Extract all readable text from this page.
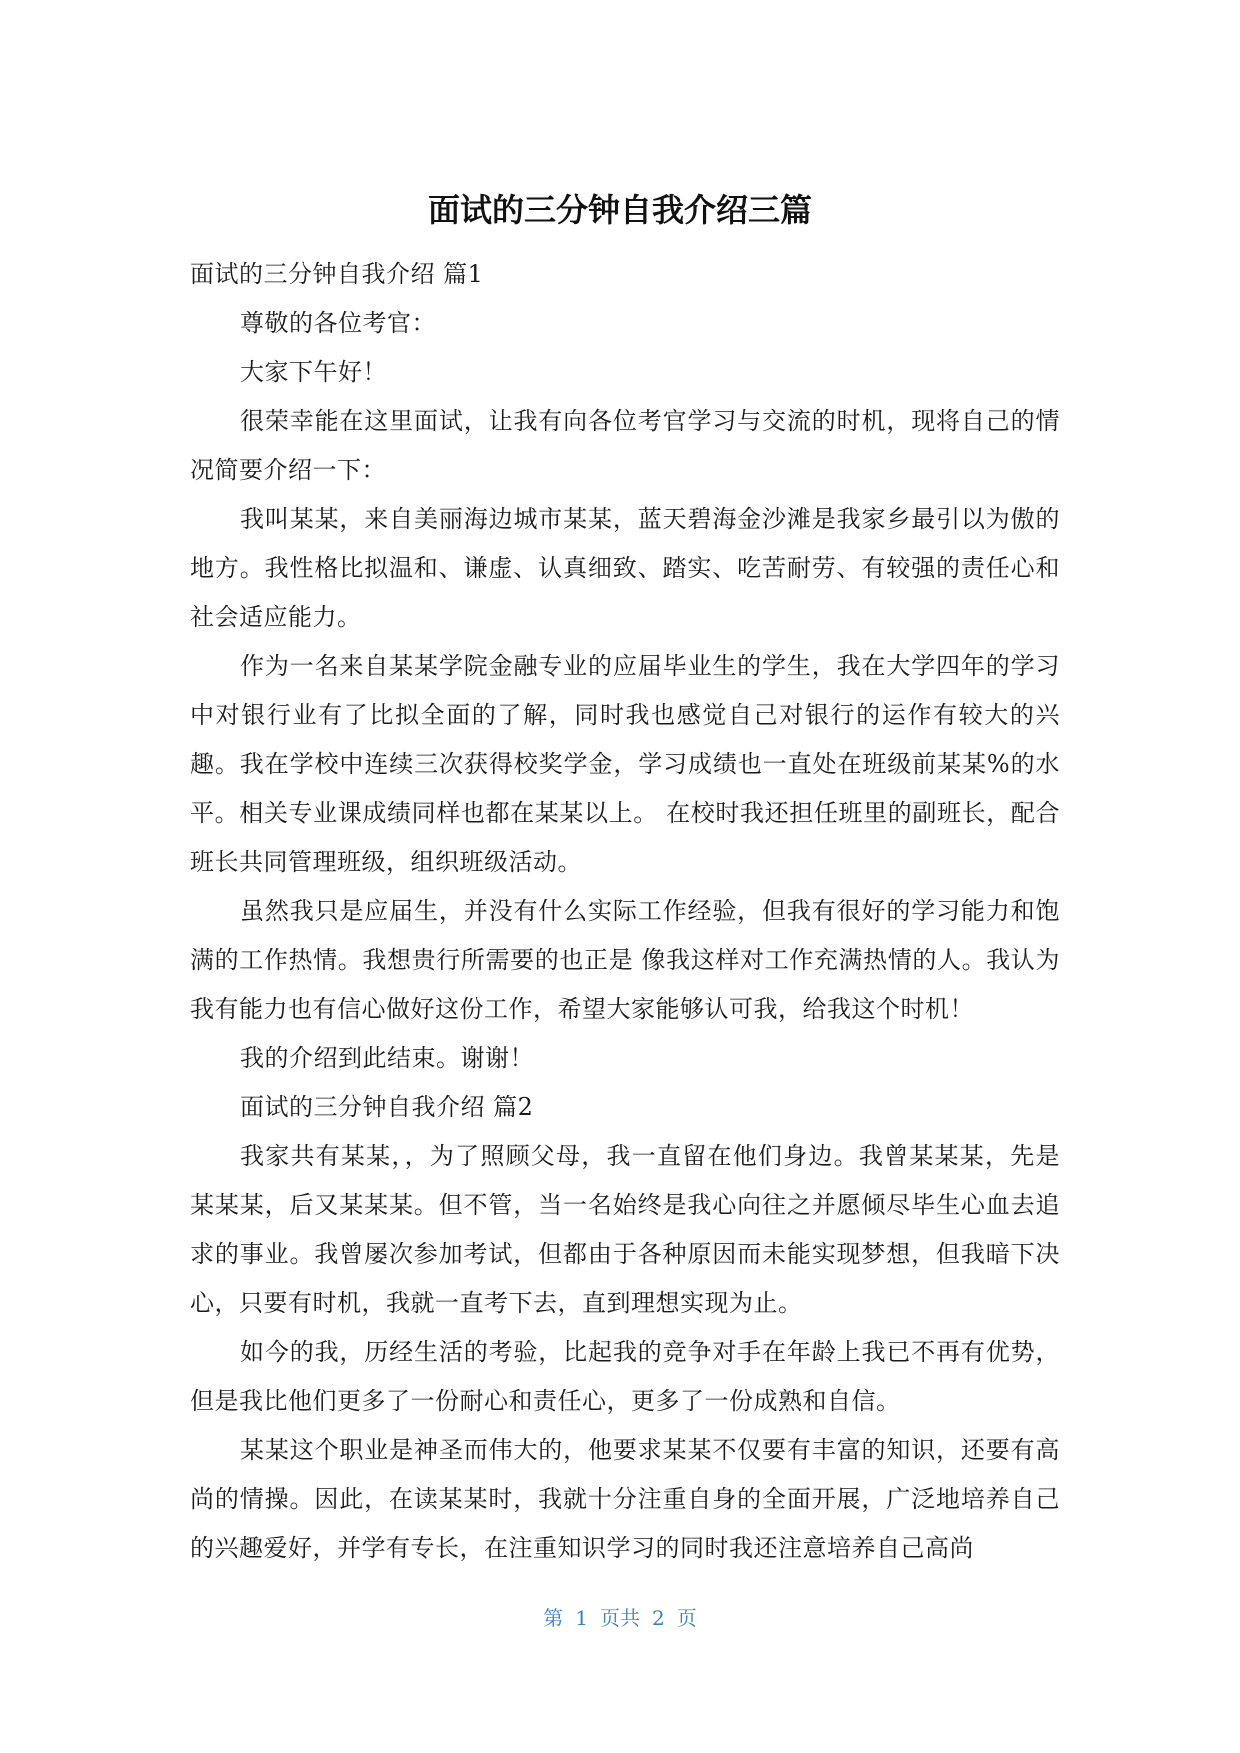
面试的三分钟自我介绍三篇

面试的三分钟自我介绍 篇1

尊敬的各位考官：

大家下午好！

很荣幸能在这里面试，让我有向各位考官学习与交流的时机，现将自己的情况简要介绍一下：

我叫某某，来自美丽海边城市某某，蓝天碧海金沙滩是我家乡最引以为傲的地方。我性格比拟温和、谦虚、认真细致、踏实、吃苦耐劳、有较强的责任心和社会适应能力。

作为一名来自某某学院金融专业的应届毕业生的学生，我在大学四年的学习中对银行业有了比拟全面的了解，同时我也感觉自己对银行的运作有较大的兴趣。我在学校中连续三次获得校奖学金，学习成绩也一直处在班级前某某%的水平。相关专业课成绩同样也都在某某以上。 在校时我还担任班里的副班长，配合班长共同管理班级，组织班级活动。

虽然我只是应届生，并没有什么实际工作经验，但我有很好的学习能力和饱满的工作热情。我想贵行所需要的也正是 像我这样对工作充满热情的人。我认为我有能力也有信心做好这份工作，希望大家能够认可我，给我这个时机！

我的介绍到此结束。谢谢！

面试的三分钟自我介绍 篇2

我家共有某某，，为了照顾父母，我一直留在他们身边。我曾某某某，先是某某某，后又某某某。但不管，当一名始终是我心向往之并愿倾尽毕生心血去追求的事业。我曾屡次参加考试，但都由于各种原因而未能实现梦想，但我暗下决心，只要有时机，我就一直考下去，直到理想实现为止。

如今的我，历经生活的考验，比起我的竞争对手在年龄上我已不再有优势，但是我比他们更多了一份耐心和责任心，更多了一份成熟和自信。

某某这个职业是神圣而伟大的，他要求某某不仅要有丰富的知识，还要有高尚的情操。因此，在读某某时，我就十分注重自身的全面开展，广泛地培养自己的兴趣爱好，并学有专长，在注重知识学习的同时我还注意培养自己高尚

第 1 页共 2 页
